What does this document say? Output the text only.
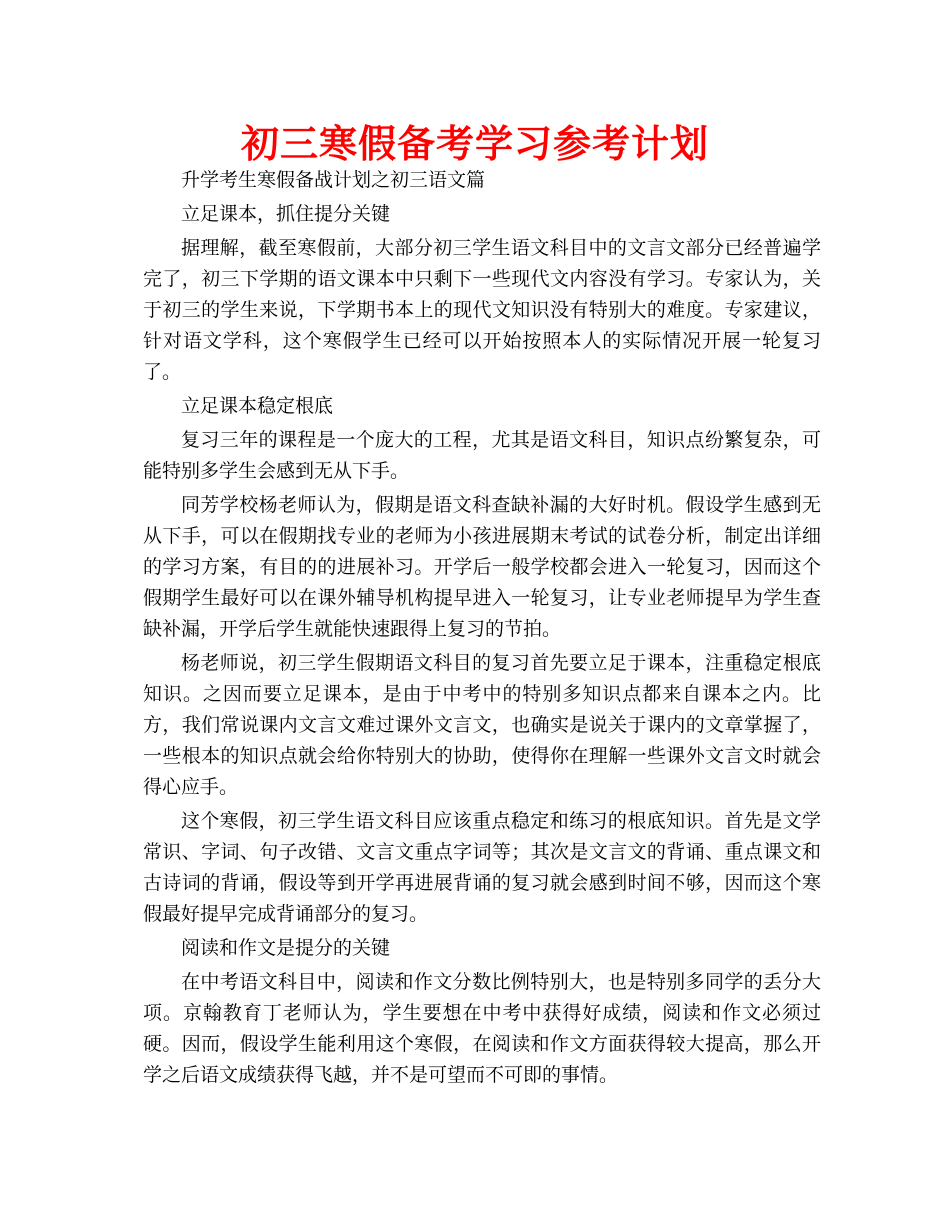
初三寒假备考学习参考计划

升学考生寒假备战计划之初三语文篇

立足课本，抓住提分关键

据理解，截至寒假前，大部分初三学生语文科目中的文言文部分已经普遍学完了，初三下学期的语文课本中只剩下一些现代文内容没有学习。专家认为，关于初三的学生来说，下学期书本上的现代文知识没有特别大的难度。专家建议，针对语文学科，这个寒假学生已经可以开始按照本人的实际情况开展一轮复习了。

立足课本稳定根底

复习三年的课程是一个庞大的工程，尤其是语文科目，知识点纷繁复杂，可能特别多学生会感到无从下手。

同芳学校杨老师认为，假期是语文科查缺补漏的大好时机。假设学生感到无从下手，可以在假期找专业的老师为小孩进展期末考试的试卷分析，制定出详细的学习方案，有目的的进展补习。开学后一般学校都会进入一轮复习，因而这个假期学生最好可以在课外辅导机构提早进入一轮复习，让专业老师提早为学生查缺补漏，开学后学生就能快速跟得上复习的节拍。

杨老师说，初三学生假期语文科目的复习首先要立足于课本，注重稳定根底知识。之因而要立足课本，是由于中考中的特别多知识点都来自课本之内。比方，我们常说课内文言文难过课外文言文，也确实是说关于课内的文章掌握了，一些根本的知识点就会给你特别大的协助，使得你在理解一些课外文言文时就会得心应手。

这个寒假，初三学生语文科目应该重点稳定和练习的根底知识。首先是文学常识、字词、句子改错、文言文重点字词等；其次是文言文的背诵、重点课文和古诗词的背诵，假设等到开学再进展背诵的复习就会感到时间不够，因而这个寒假最好提早完成背诵部分的复习。

阅读和作文是提分的关键

在中考语文科目中，阅读和作文分数比例特别大，也是特别多同学的丢分大项。京翰教育丁老师认为，学生要想在中考中获得好成绩，阅读和作文必须过硬。因而，假设学生能利用这个寒假，在阅读和作文方面获得较大提高，那么开学之后语文成绩获得飞越，并不是可望而不可即的事情。
